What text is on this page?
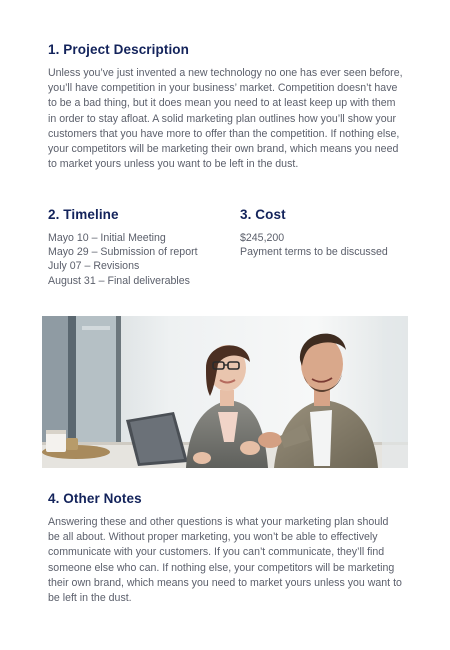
1. Project Description

Unless you’ve just invented a new technology no one has ever seen before, you’ll have competition in your business’ market. Competition doesn’t have to be a bad thing, but it does mean you need to at least keep up with them in order to stay afloat. A solid marketing plan outlines how you’ll show your customers that you have more to offer than the competition. If nothing else, your competitors will be marketing their own brand, which means you need to market yours unless you want to be left in the dust.

2. Timeline
Mayo 10 – Initial Meeting
Mayo 29 – Submission of report
July 07 – Revisions
August 31 – Final deliverables
3. Cost
$245,200
Payment terms to be discussed
4. Other Notes

Answering these and other questions is what your marketing plan should be all about. Without proper marketing, you won’t be able to effectively communicate with your customers. If you can’t communicate, they’ll find someone else who can. If nothing else, your competitors will be marketing their own brand, which means you need to market yours unless you want to be left in the dust.
